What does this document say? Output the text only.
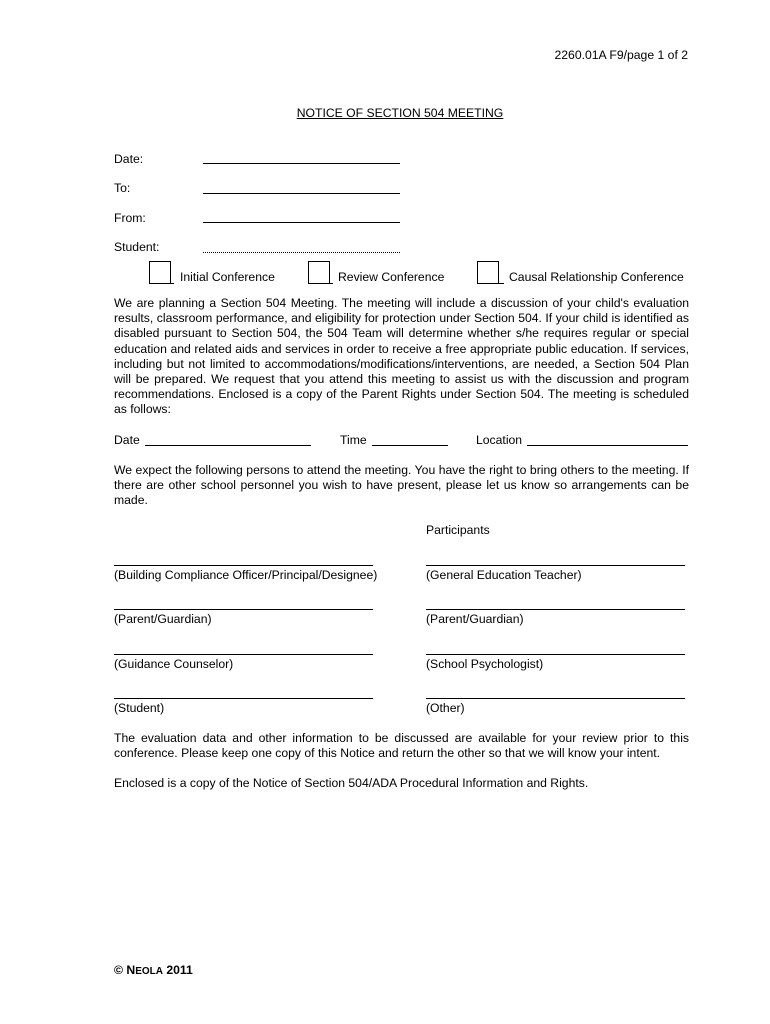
2260.01A F9/page 1 of 2
NOTICE OF SECTION 504 MEETING
Date:
To:
From:
Student:
Initial Conference	Review Conference	Causal Relationship Conference
We are planning a Section 504 Meeting. The meeting will include a discussion of your child's evaluation results, classroom performance, and eligibility for protection under Section 504. If your child is identified as disabled pursuant to Section 504, the 504 Team will determine whether s/he requires regular or special education and related aids and services in order to receive a free appropriate public education. If services, including but not limited to accommodations/modifications/interventions, are needed, a Section 504 Plan will be prepared. We request that you attend this meeting to assist us with the discussion and program recommendations. Enclosed is a copy of the Parent Rights under Section 504. The meeting is scheduled as follows:
Date	Time	Location
We expect the following persons to attend the meeting. You have the right to bring others to the meeting. If there are other school personnel you wish to have present, please let us know so arrangements can be made.
Participants
(Building Compliance Officer/Principal/Designee)	(General Education Teacher)
(Parent/Guardian)	(Parent/Guardian)
(Guidance Counselor)	(School Psychologist)
(Student)	(Other)
The evaluation data and other information to be discussed are available for your review prior to this conference. Please keep one copy of this Notice and return the other so that we will know your intent.
Enclosed is a copy of the Notice of Section 504/ADA Procedural Information and Rights.
© NEOLA 2011
